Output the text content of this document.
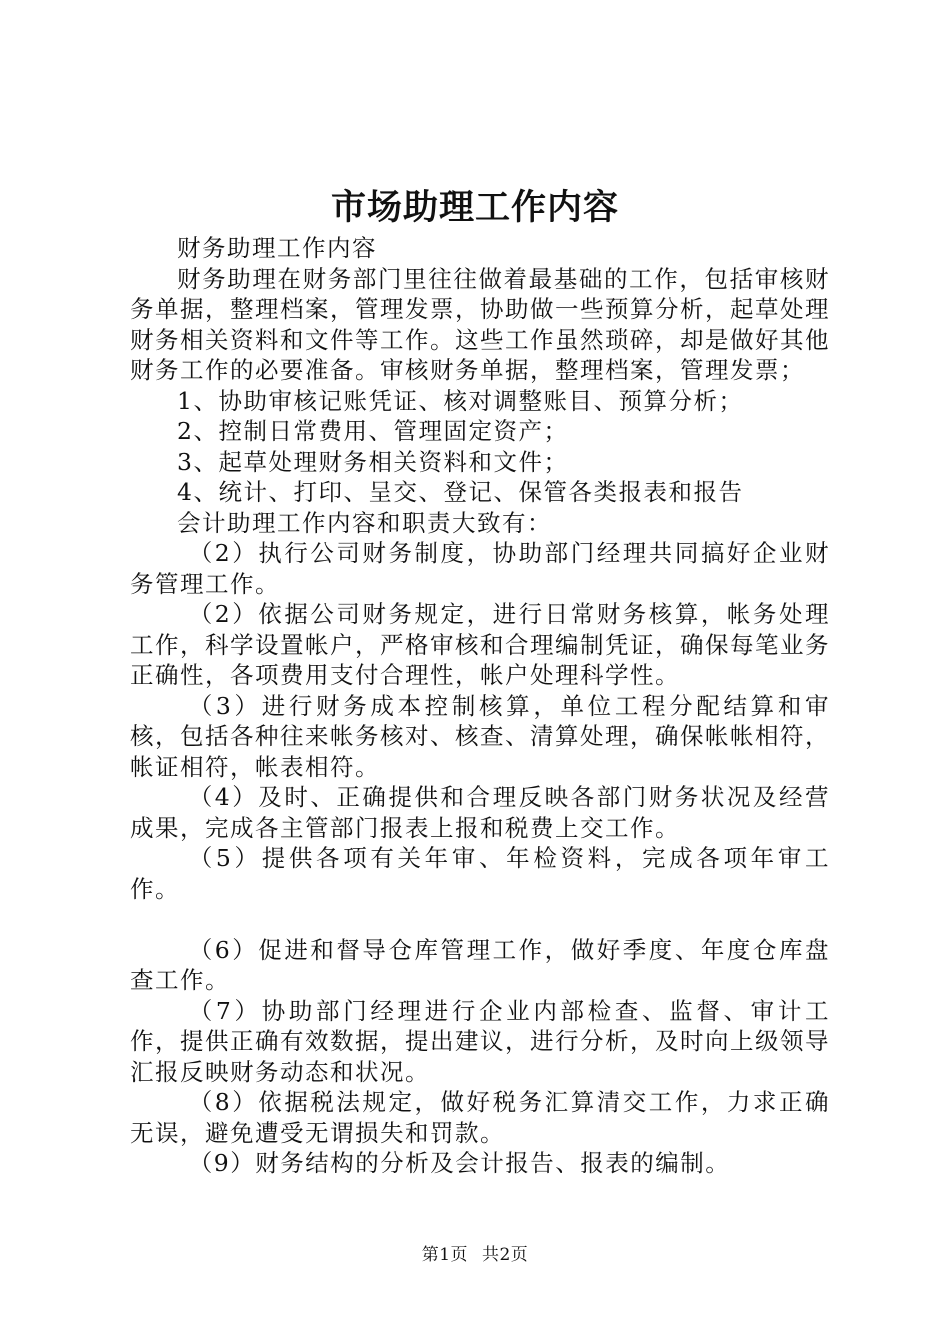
市场助理工作内容

财务助理工作内容

财务助理在财务部门里往往做着最基础的工作，包括审核财务单据，整理档案，管理发票，协助做一些预算分析，起草处理财务相关资料和文件等工作。这些工作虽然琐碎，却是做好其他财务工作的必要准备。审核财务单据，整理档案，管理发票；

1、协助审核记账凭证、核对调整账目、预算分析；

2、控制日常费用、管理固定资产；

3、起草处理财务相关资料和文件；

4、统计、打印、呈交、登记、保管各类报表和报告

会计助理工作内容和职责大致有：

（2）执行公司财务制度，协助部门经理共同搞好企业财务管理工作。

（2）依据公司财务规定，进行日常财务核算，帐务处理工作，科学设置帐户，严格审核和合理编制凭证，确保每笔业务正确性，各项费用支付合理性，帐户处理科学性。

（3）进行财务成本控制核算，单位工程分配结算和审核，包括各种往来帐务核对、核查、清算处理，确保帐帐相符，帐证相符，帐表相符。

（4）及时、正确提供和合理反映各部门财务状况及经营成果，完成各主管部门报表上报和税费上交工作。

（5）提供各项有关年审、年检资料，完成各项年审工作。

（6）促进和督导仓库管理工作，做好季度、年度仓库盘查工作。

（7）协助部门经理进行企业内部检查、监督、审计工作，提供正确有效数据，提出建议，进行分析，及时向上级领导汇报反映财务动态和状况。

（8）依据税法规定，做好税务汇算清交工作，力求正确无误，避免遭受无谓损失和罚款。

（9）财务结构的分析及会计报告、报表的编制。

第1页 共2页
